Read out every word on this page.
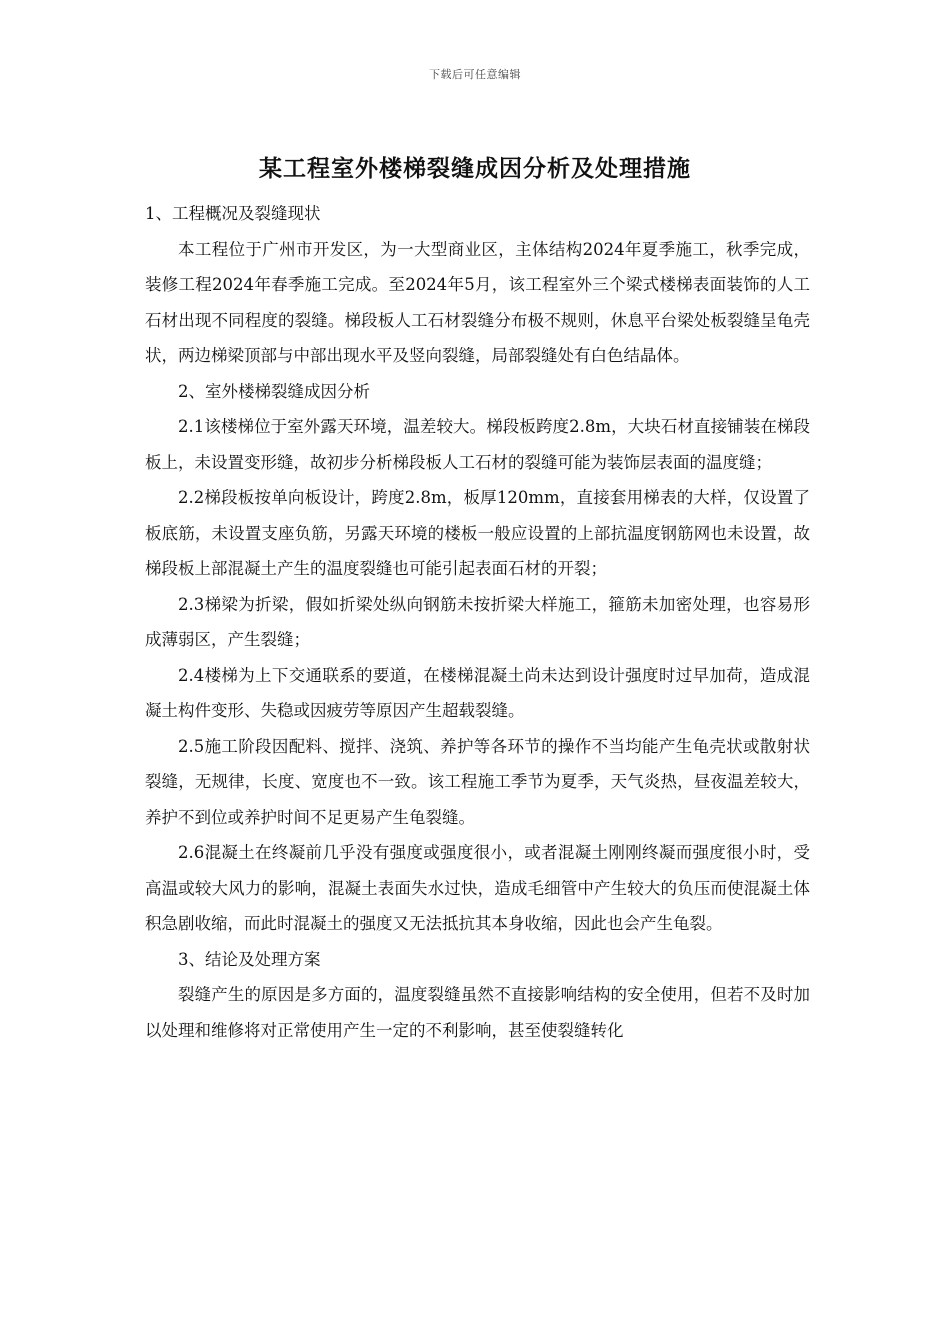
下载后可任意编辑
某工程室外楼梯裂缝成因分析及处理措施

1、工程概况及裂缝现状

本工程位于广州市开发区，为一大型商业区，主体结构2024年夏季施工，秋季完成，装修工程2024年春季施工完成。至2024年5月，该工程室外三个梁式楼梯表面装饰的人工石材出现不同程度的裂缝。梯段板人工石材裂缝分布极不规则，休息平台梁处板裂缝呈龟壳状，两边梯梁顶部与中部出现水平及竖向裂缝，局部裂缝处有白色结晶体。

2、室外楼梯裂缝成因分析

2.1该楼梯位于室外露天环境，温差较大。梯段板跨度2.8m，大块石材直接铺装在梯段板上，未设置变形缝，故初步分析梯段板人工石材的裂缝可能为装饰层表面的温度缝；

2.2梯段板按单向板设计，跨度2.8m，板厚120mm，直接套用梯表的大样，仅设置了板底筋，未设置支座负筋，另露天环境的楼板一般应设置的上部抗温度钢筋网也未设置，故梯段板上部混凝土产生的温度裂缝也可能引起表面石材的开裂；

2.3梯梁为折梁，假如折梁处纵向钢筋未按折梁大样施工，箍筋未加密处理，也容易形成薄弱区，产生裂缝；

2.4楼梯为上下交通联系的要道，在楼梯混凝土尚未达到设计强度时过早加荷，造成混凝土构件变形、失稳或因疲劳等原因产生超载裂缝。

2.5施工阶段因配料、搅拌、浇筑、养护等各环节的操作不当均能产生龟壳状或散射状裂缝，无规律，长度、宽度也不一致。该工程施工季节为夏季，天气炎热，昼夜温差较大，养护不到位或养护时间不足更易产生龟裂缝。

2.6混凝土在终凝前几乎没有强度或强度很小，或者混凝土刚刚终凝而强度很小时，受高温或较大风力的影响，混凝土表面失水过快，造成毛细管中产生较大的负压而使混凝土体积急剧收缩，而此时混凝土的强度又无法抵抗其本身收缩，因此也会产生龟裂。

3、结论及处理方案

裂缝产生的原因是多方面的，温度裂缝虽然不直接影响结构的安全使用，但若不及时加以处理和维修将对正常使用产生一定的不利影响，甚至使裂缝转化
